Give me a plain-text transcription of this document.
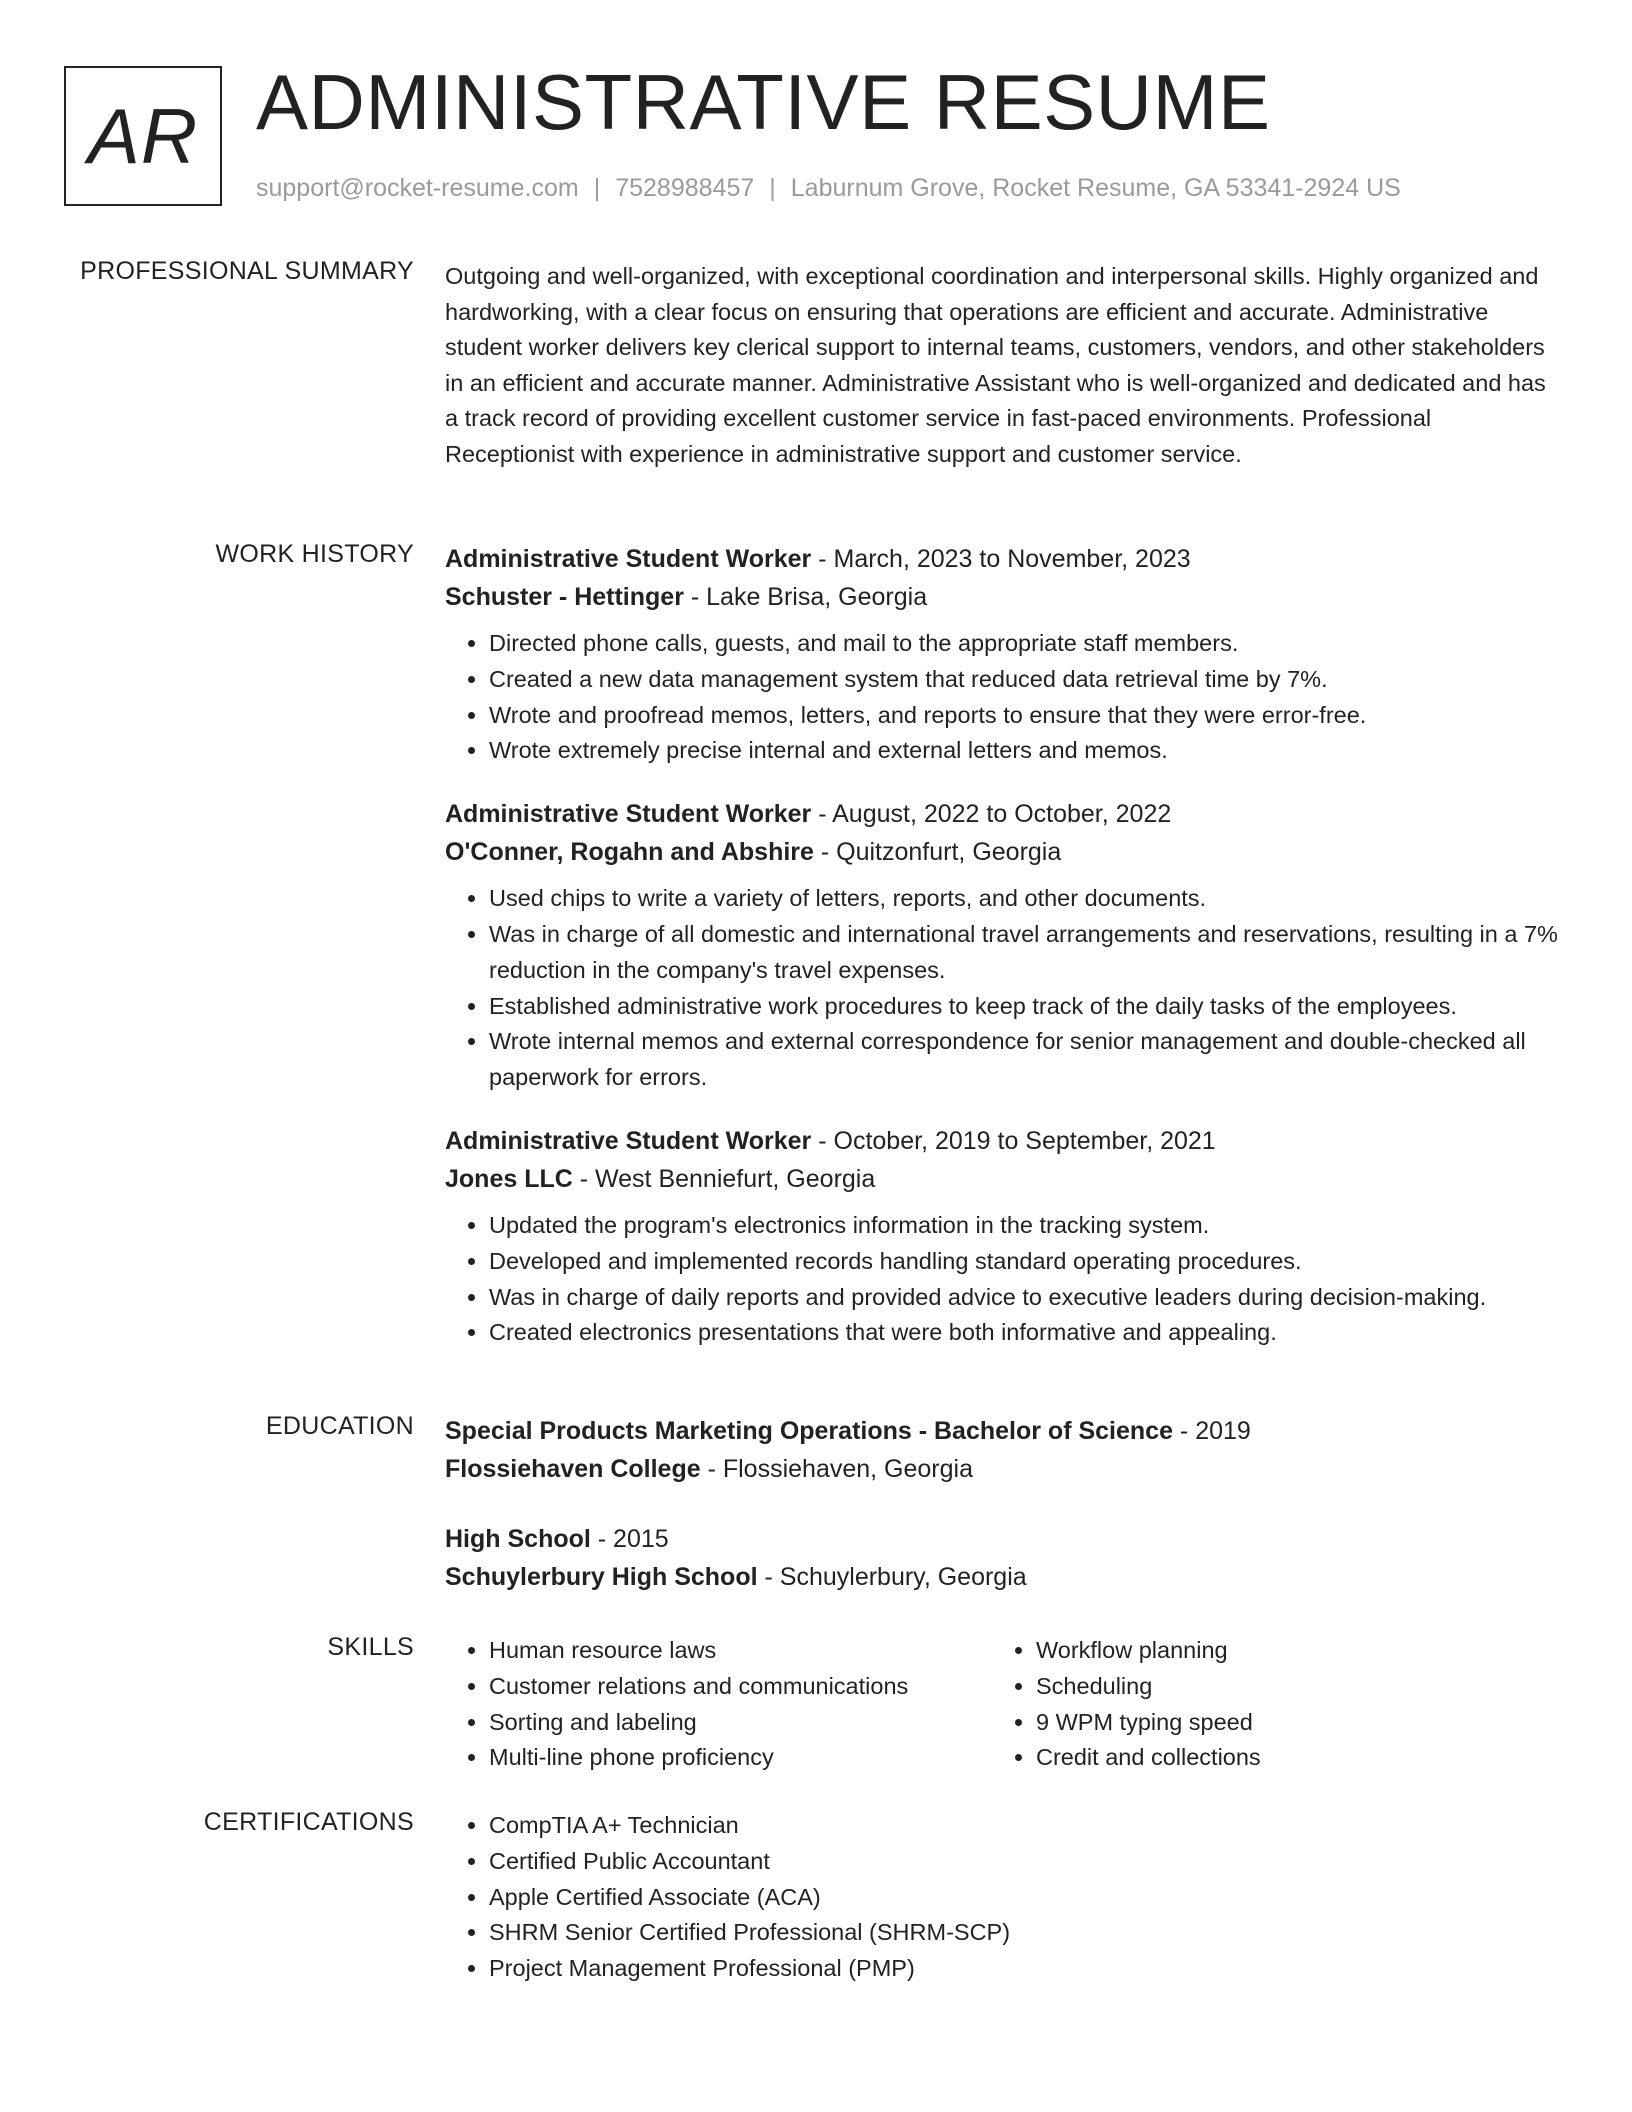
AR ADMINISTRATIVE RESUME
support@rocket-resume.com | 7528988457 | Laburnum Grove, Rocket Resume, GA 53341-2924 US
PROFESSIONAL SUMMARY Outgoing and well-organized, with exceptional coordination and interpersonal skills. Highly organized and hardworking, with a clear focus on ensuring that operations are efficient and accurate. Administrative student worker delivers key clerical support to internal teams, customers, vendors, and other stakeholders in an efficient and accurate manner. Administrative Assistant who is well-organized and dedicated and has a track record of providing excellent customer service in fast-paced environments. Professional Receptionist with experience in administrative support and customer service.
WORK HISTORY Administrative Student Worker - March, 2023 to November, 2023
Schuster - Hettinger - Lake Brisa, Georgia
• Directed phone calls, guests, and mail to the appropriate staff members.
• Created a new data management system that reduced data retrieval time by 7%.
• Wrote and proofread memos, letters, and reports to ensure that they were error-free.
• Wrote extremely precise internal and external letters and memos.
Administrative Student Worker - August, 2022 to October, 2022
O'Conner, Rogahn and Abshire - Quitzonfurt, Georgia
• Used chips to write a variety of letters, reports, and other documents.
• Was in charge of all domestic and international travel arrangements and reservations, resulting in a 7% reduction in the company's travel expenses.
• Established administrative work procedures to keep track of the daily tasks of the employees.
• Wrote internal memos and external correspondence for senior management and double-checked all paperwork for errors.
Administrative Student Worker - October, 2019 to September, 2021
Jones LLC - West Benniefurt, Georgia
• Updated the program's electronics information in the tracking system.
• Developed and implemented records handling standard operating procedures.
• Was in charge of daily reports and provided advice to executive leaders during decision-making.
• Created electronics presentations that were both informative and appealing.
EDUCATION Special Products Marketing Operations - Bachelor of Science - 2019
Flossiehaven College - Flossiehaven, Georgia
High School - 2015
Schuylerbury High School - Schuylerbury, Georgia
SKILLS	• Human resource laws
• Customer relations and communications
• Sorting and labeling
• Multi-line phone proficiency
• Workflow planning
• Scheduling
• 9 WPM typing speed
• Credit and collections
CERTIFICATIONS	• CompTIA A+ Technician
• Certified Public Accountant
• Apple Certified Associate (ACA)
• SHRM Senior Certified Professional (SHRM-SCP)
• Project Management Professional (PMP)
